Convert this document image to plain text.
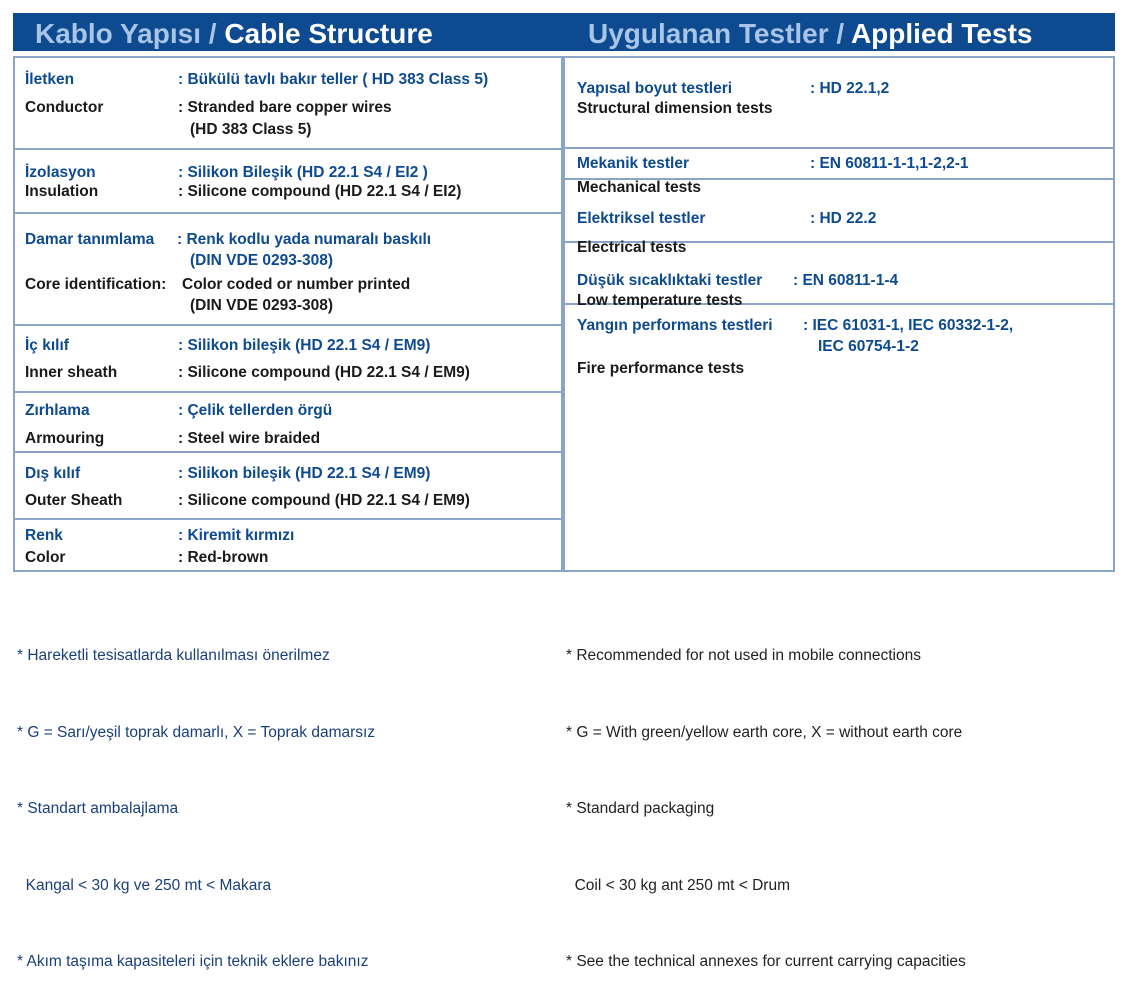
Kablo Yapısı / Cable Structure	Uygulanan Testler / Applied Tests
İletken	: Bükülü tavlı bakır teller ( HD 383 Class 5)
Conductor	: Stranded bare copper wires
(HD 383 Class 5)
İzolasyon	: Silikon Bileşik (HD 22.1 S4 / EI2 )
Insulation	: Silicone compound (HD 22.1 S4 / EI2)
Damar tanımlama : Renk kodlu yada numaralı baskılı
(DIN VDE 0293-308)
Core identification: Color coded or number printed
(DIN VDE 0293-308)
İç kılıf	: Silikon bileşik (HD 22.1 S4 / EM9)
Inner sheath	: Silicone compound (HD 22.1 S4 / EM9)
Zırhlama	: Çelik tellerden örgü
Armouring	: Steel wire braided
Dış kılıf	: Silikon bileşik (HD 22.1 S4 / EM9)
Outer Sheath	: Silicone compound (HD 22.1 S4 / EM9)
Renk	: Kiremit kırmızı
Color	: Red-brown
Yapısal boyut testleri	: HD 22.1,2
Structural dimension tests
Mekanik testler	: EN 60811-1-1,1-2,2-1
Mechanical tests
Elektriksel testler	: HD 22.2
Electrical tests
Düşük sıcaklıktaki testler : EN 60811-1-4
Low temperature tests
Yangın performans testleri : IEC 61031-1, IEC 60332-1-2,
IEC 60754-1-2
Fire performance tests

* Hareketli tesisatlarda kullanılması önerilmez

* G = Sarı/yeşil toprak damarlı, X = Toprak damarsız

* Standart ambalajlama

Kangal < 30 kg ve 250 mt < Makara

* Akım taşıma kapasiteleri için teknik eklere bakınız

* Recommended for not used in mobile connections

* G = With green/yellow earth core, X = without earth core

* Standard packaging

Coil < 30 kg ant 250 mt < Drum

* See the technical annexes for current carrying capacities
